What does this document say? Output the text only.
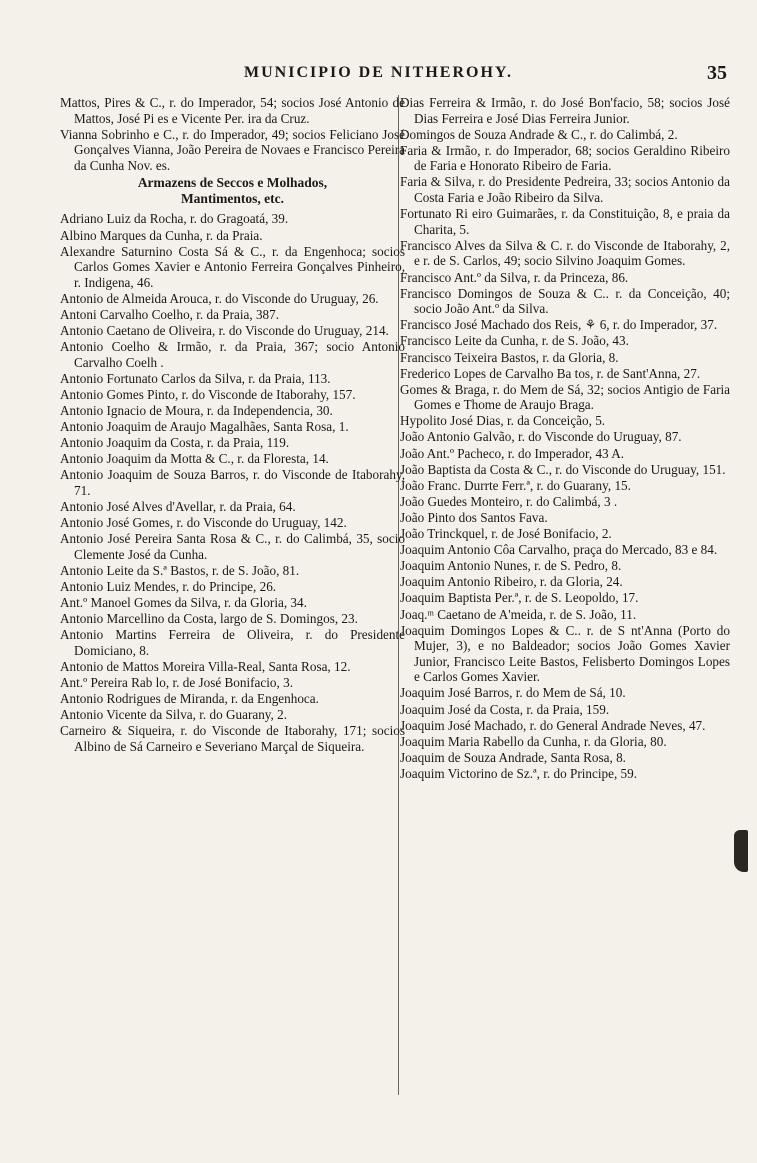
MUNICIPIO DE NITHEROHY.	35

Mattos, Pires & C., r. do Imperador, 54; socios José Antonio de Mattos, José Pi es e Vicente Per. ira da Cruz.

Vianna Sobrinho e C., r. do Imperador, 49; socios Feliciano José Gonçalves Vianna, João Pereira de Novaes e Francisco Pereira da Cunha Nov. es.

Armazens de Seccos e Molhados,
Mantimentos, etc.

Adriano Luiz da Rocha, r. do Gragoatá, 39.

Albino Marques da Cunha, r. da Praia.

Alexandre Saturnino Costa Sá & C., r. da Engenhoca; socios Carlos Gomes Xavier e Antonio Ferreira Gonçalves Pinheiro, r. Indigena, 46.

Antonio de Almeida Arouca, r. do Visconde do Uruguay, 26.

Antoni Carvalho Coelho, r. da Praia, 387.

Antonio Caetano de Oliveira, r. do Visconde do Uruguay, 214.

Antonio Coelho & Irmão, r. da Praia, 367; socio Antonio Carvalho Coelh .

Antonio Fortunato Carlos da Silva, r. da Praia, 113.

Antonio Gomes Pinto, r. do Visconde de Itaborahy, 157.

Antonio Ignacio de Moura, r. da Independencia, 30.

Antonio Joaquim de Araujo Magalhães, Santa Rosa, 1.

Antonio Joaquim da Costa, r. da Praia, 119.

Antonio Joaquim da Motta & C., r. da Floresta, 14.

Antonio Joaquim de Souza Barros, r. do Visconde de Itaborahy, 71.

Antonio José Alves d'Avellar, r. da Praia, 64.

Antonio José Gomes, r. do Visconde do Uruguay, 142.

Antonio José Pereira Santa Rosa & C., r. do Calimbá, 35, socio Clemente José da Cunha.

Antonio Leite da S.ª Bastos, r. de S. João, 81.

Antonio Luiz Mendes, r. do Principe, 26.

Ant.º Manoel Gomes da Silva, r. da Gloria, 34.

Antonio Marcellino da Costa, largo de S. Domingos, 23.

Antonio Martins Ferreira de Oliveira, r. do Presidente Domiciano, 8.

Antonio de Mattos Moreira Villa-Real, Santa Rosa, 12.

Ant.º Pereira Rab lo, r. de José Bonifacio, 3.

Antonio Rodrigues de Miranda, r. da Engenhoca.

Antonio Vicente da Silva, r. do Guarany, 2.

Carneiro & Siqueira, r. do Visconde de Itaborahy, 171; socios Albino de Sá Carneiro e Severiano Marçal de Siqueira.

Dias Ferreira & Irmão, r. do José Bon'facio, 58; socios José Dias Ferreira e José Dias Ferreira Junior.

Domingos de Souza Andrade & C., r. do Calimbá, 2.

Faria & Irmão, r. do Imperador, 68; socios Geraldino Ribeiro de Faria e Honorato Ribeiro de Faria.

Faria & Silva, r. do Presidente Pedreira, 33; socios Antonio da Costa Faria e João Ribeiro da Silva.

Fortunato Ri eiro Guimarães, r. da Constituição, 8, e praia da Charita, 5.

Francisco Alves da Silva & C. r. do Visconde de Itaborahy, 2, e r. de S. Carlos, 49; socio Silvino Joaquim Gomes.

Francisco Ant.º da Silva, r. da Princeza, 86.

Francisco Domingos de Souza & C.. r. da Conceição, 40; socio João Ant.º da Silva.

Francisco José Machado dos Reis, ⚘ 6, r. do Imperador, 37.

Francisco Leite da Cunha, r. de S. João, 43.

Francisco Teixeira Bastos, r. da Gloria, 8.

Frederico Lopes de Carvalho Ba tos, r. de Sant'Anna, 27.

Gomes & Braga, r. do Mem de Sá, 32; socios Antigio de Faria Gomes e Thome de Araujo Braga.

Hypolito José Dias, r. da Conceição, 5.

João Antonio Galvão, r. do Visconde do Uruguay, 87.

João Ant.º Pacheco, r. do Imperador, 43 A.

João Baptista da Costa & C., r. do Visconde do Uruguay, 151.

João Franc. Durrte Ferr.ª, r. do Guarany, 15.

João Guedes Monteiro, r. do Calimbá, 3 .

João Pinto dos Santos Fava.

João Trinckquel, r. de José Bonifacio, 2.

Joaquim Antonio Côa Carvalho, praça do Mercado, 83 e 84.

Joaquim Antonio Nunes, r. de S. Pedro, 8.

Joaquim Antonio Ribeiro, r. da Gloria, 24.

Joaquim Baptista Per.ª, r. de S. Leopoldo, 17.

Joaq.ᵐ Caetano de A'meida, r. de S. João, 11.

Joaquim Domingos Lopes & C.. r. de S nt'Anna (Porto do Mujer, 3), e no Baldeador; socios João Gomes Xavier Junior, Francisco Leite Bastos, Felisberto Domingos Lopes e Carlos Gomes Xavier.

Joaquim José Barros, r. do Mem de Sá, 10.

Joaquim José da Costa, r. da Praia, 159.

Joaquim José Machado, r. do General Andrade Neves, 47.

Joaquim Maria Rabello da Cunha, r. da Gloria, 80.

Joaquim de Souza Andrade, Santa Rosa, 8.

Joaquim Victorino de Sz.ª, r. do Principe, 59.
